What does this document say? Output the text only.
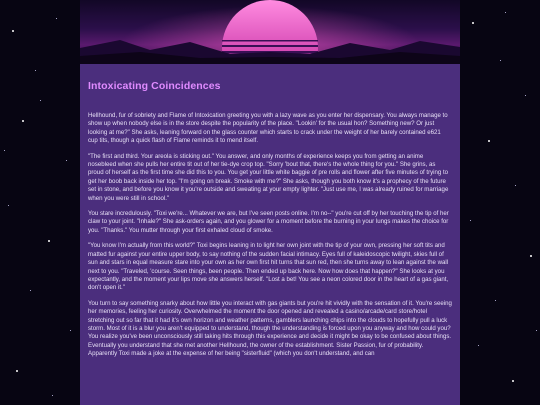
Intoxicating Coincidences

Hellhound, fur of sobriety and Flame of Intoxication greeting you with a lazy wave as you enter her dispensary. You always manage to show up when nobody else is in the store despite the popularity of the place. "Lookin' for the usual hon? Something new? Or just looking at me?" She asks, leaning forward on the glass counter which starts to crack under the weight of her barely contained e621 cup tits, though a quick flash of Flame reminds it to mend itself.

"The first and third. Your areola is sticking out." You answer, and only months of experience keeps you from getting an anime nosebleed when she pulls her entire tit out of her tie-dye crop top. "Sorry 'bout that, there's the whole thing for you." She grins, as proud of herself as the first time she did this to you. You get your little white baggie of pre rolls and flower after five minutes of trying to get her boob back inside her top. "I'm going on break. Smoke with me?" She asks, though you both know it's a prophecy of the future set in stone, and before you know it you're outside and sweating at your empty lighter. "Just use me, I was already ruined for marriage when you were still in school."

You stare incredulously. "Toxi we're... Whatever we are, but I've seen posts online. I'm no--" you're cut off by her touching the tip of her claw to your joint. "Inhale?" She ask-orders again, and you glower for a moment before the burning in your lungs makes the choice for you. "Thanks." You mutter through your first exhaled cloud of smoke.

"You know I'm actually from this world?" Toxi begins leaning in to light her own joint with the tip of your own, pressing her soft tits and matted fur against your entire upper body, to say nothing of the sudden facial intimacy. Eyes full of kaleidoscopic twilight, skies full of sun and stars in equal measure stare into your own as her own first hit turns that sun red, then she turns away to lean against the wall next to you. "Traveled, 'course. Seen things, been people. Then ended up back here. Now how does that happen?" She looks at you expectantly, and the moment your lips move she answers herself. "Lost a bet! You see a neon colored door in the heart of a gas giant, don't open it."

You turn to say something snarky about how little you interact with gas giants but you're hit vividly with the sensation of it. You're seeing her memories, feeling her curiosity. Overwhelmed the moment the door opened and revealed a casino/arcade/card store/hotel stretching out so far that it had it's own horizon and weather patterns, gamblers launching chips into the clouds to hopefully pull a luck storm. Most of it is a blur you aren't equipped to understand, though the understanding is forced upon you anyway and how could you? You realize you've been unconsciously still taking hits through this experience and decide it might be okay to be confused about things. Eventually you understand that she met another Hellhound, the owner of the establishment. Sister Passion, fur of probability. Apparently Toxi made a joke at the expense of her being "sisterfluid" (which you don't understand, and can
